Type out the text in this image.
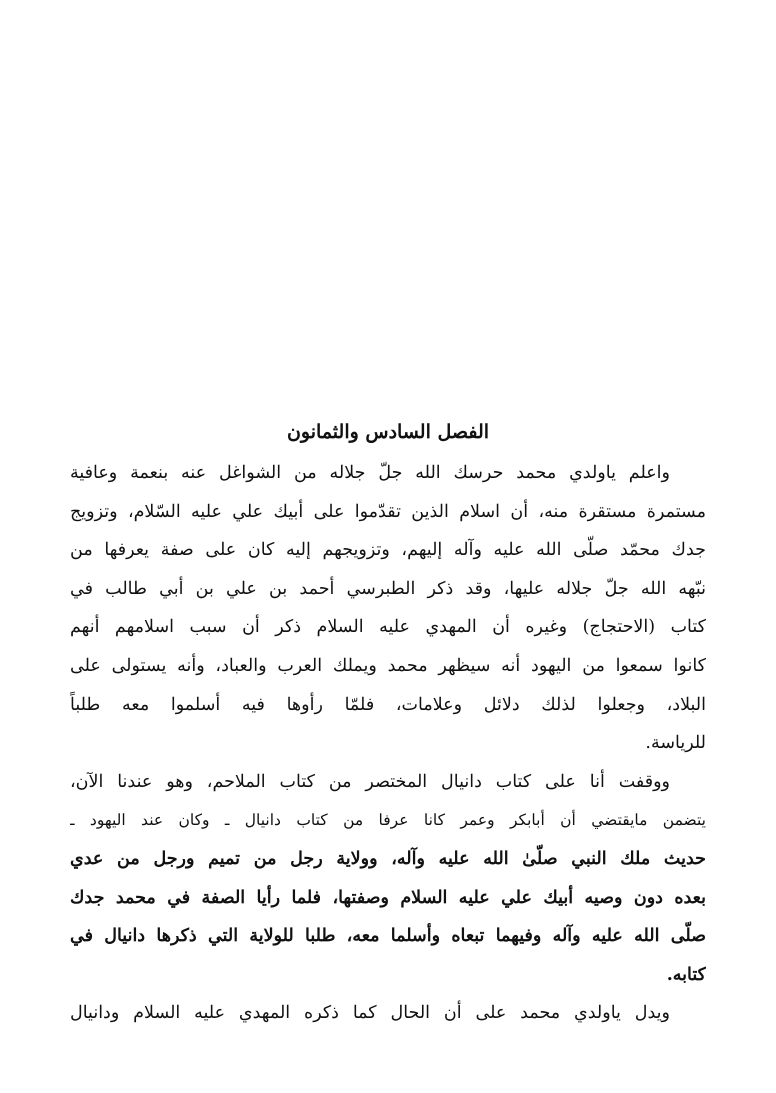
الفصل السادس والثمانون
واعلم ياولدي محمد حرسك الله جلّ جلاله من الشواغل عنه بنعمة وعافية
مستمرة مستقرة منه، أن اسلام الذين تقدّموا على أبيك علي عليه السّلام، وتزويج
جدك محمّد صلّى الله عليه وآله إليهم، وتزويجهم إليه كان على صفة يعرفها من
نبّهه الله جلّ جلاله عليها، وقد ذكر الطبرسي أحمد بن علي بن أبي طالب في
كتاب (الاحتجاج) وغيره أن المهدي عليه السلام ذكر أن سبب اسلامهم أنهم
كانوا سمعوا من اليهود أنه سيظهر محمد ويملك العرب والعباد، وأنه يستولى على
البلاد، وجعلوا لذلك دلائل وعلامات، فلمّا رأوها فيه أسلموا معه طلباً
للرياسة.
ووقفت أنا على كتاب دانيال المختصر من كتاب الملاحم، وهو عندنا الآن،
يتضمن مايقتضي أن أبابكر وعمر كانا عرفا من كتاب دانيال ـ وكان عند اليهود ـ
حديث ملك النبي صلّىٰ الله عليه وآله، وولاية رجل من تميم ورجل من عدي
بعده دون وصيه أبيك علي عليه السلام وصفتها، فلما رأيا الصفة في محمد جدك
صلّى الله عليه وآله وفيهما تبعاه وأسلما معه، طلبا للولاية التي ذكرها دانيال في
كتابه.
ويدل ياولدي محمد على أن الحال كما ذكره المهدي عليه السلام ودانيال
